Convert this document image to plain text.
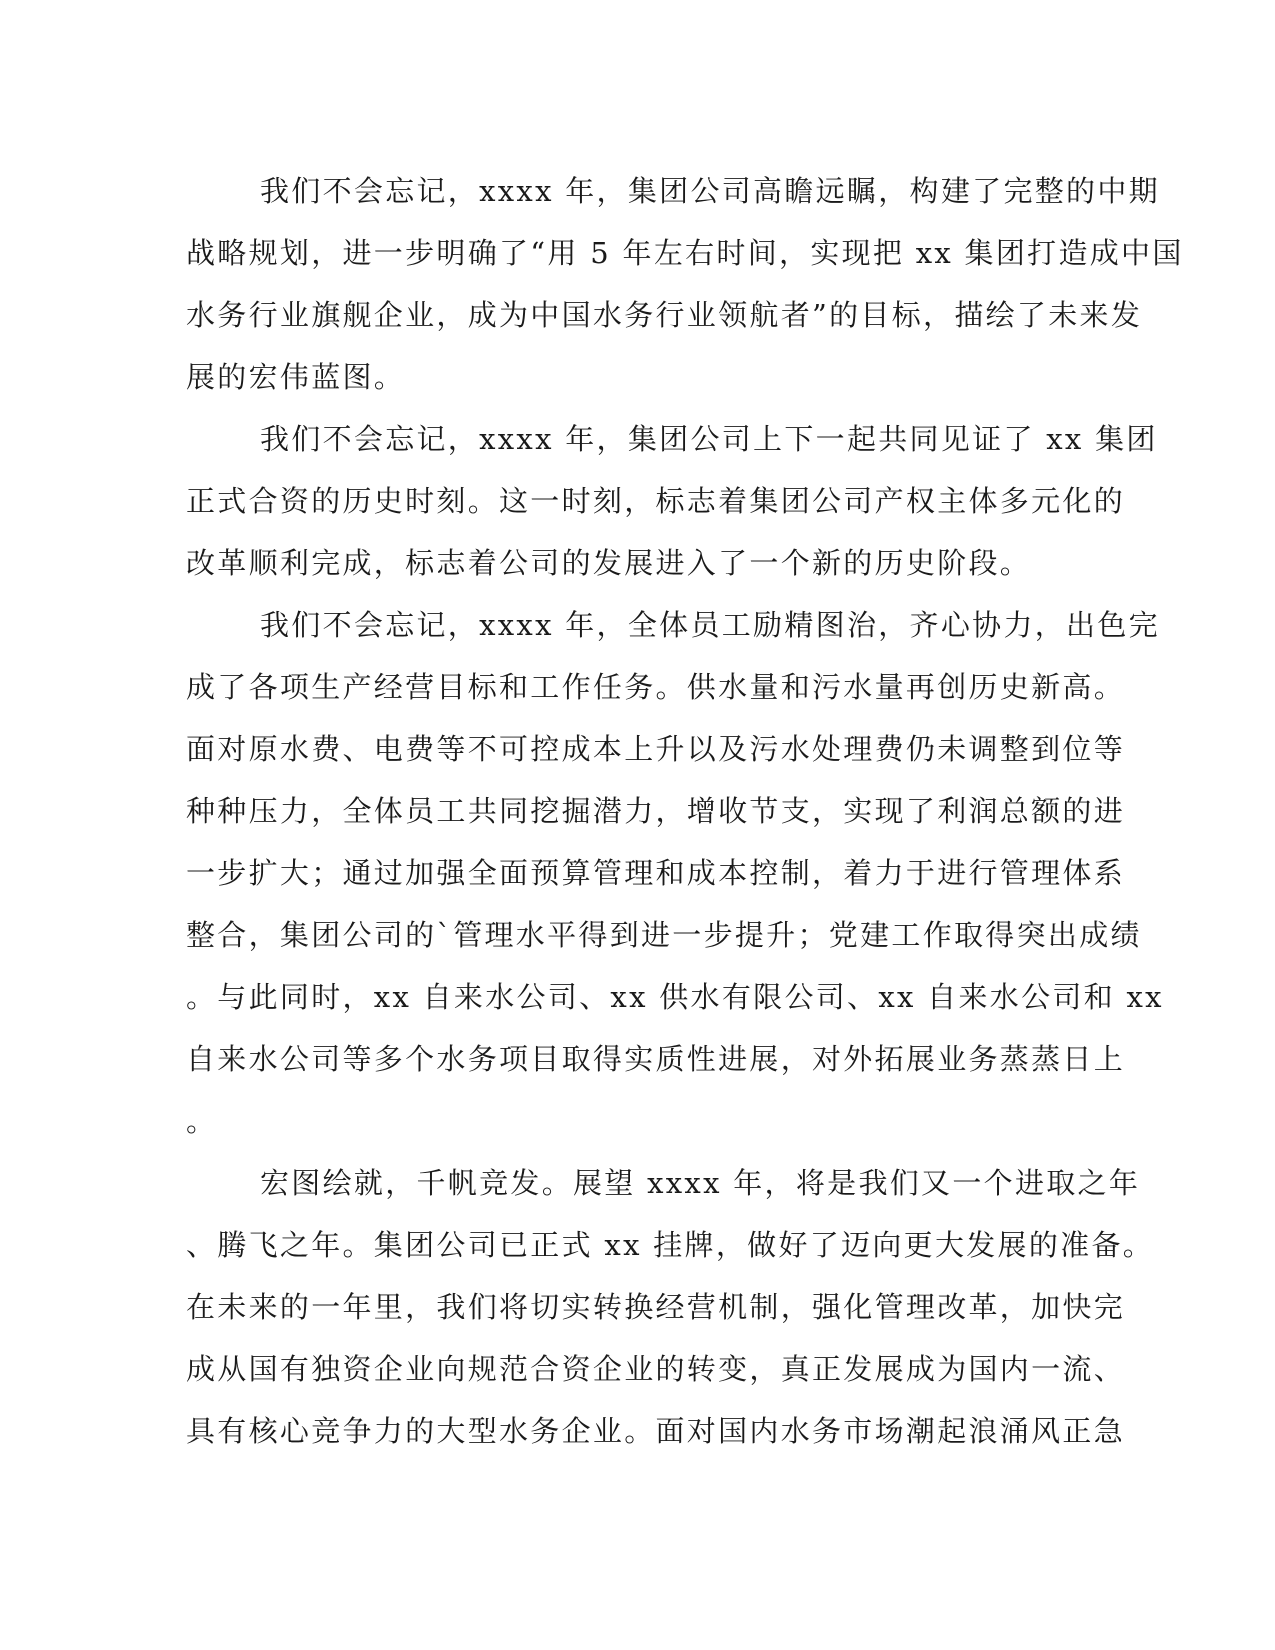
我们不会忘记，xxxx 年，集团公司高瞻远瞩，构建了完整的中期
战略规划，进一步明确了“用 5 年左右时间，实现把 xx 集团打造成中国
水务行业旗舰企业，成为中国水务行业领航者”的目标，描绘了未来发
展的宏伟蓝图。
我们不会忘记，xxxx 年，集团公司上下一起共同见证了 xx 集团
正式合资的历史时刻。这一时刻，标志着集团公司产权主体多元化的
改革顺利完成，标志着公司的发展进入了一个新的历史阶段。
我们不会忘记，xxxx 年，全体员工励精图治，齐心协力，出色完
成了各项生产经营目标和工作任务。供水量和污水量再创历史新高。
面对原水费、电费等不可控成本上升以及污水处理费仍未调整到位等
种种压力，全体员工共同挖掘潜力，增收节支，实现了利润总额的进
一步扩大；通过加强全面预算管理和成本控制，着力于进行管理体系
整合，集团公司的`管理水平得到进一步提升；党建工作取得突出成绩
。与此同时，xx 自来水公司、xx 供水有限公司、xx 自来水公司和 xx
自来水公司等多个水务项目取得实质性进展，对外拓展业务蒸蒸日上
。
宏图绘就，千帆竞发。展望 xxxx 年，将是我们又一个进取之年
、腾飞之年。集团公司已正式 xx 挂牌，做好了迈向更大发展的准备。
在未来的一年里，我们将切实转换经营机制，强化管理改革，加快完
成从国有独资企业向规范合资企业的转变，真正发展成为国内一流、
具有核心竞争力的大型水务企业。面对国内水务市场潮起浪涌风正急
